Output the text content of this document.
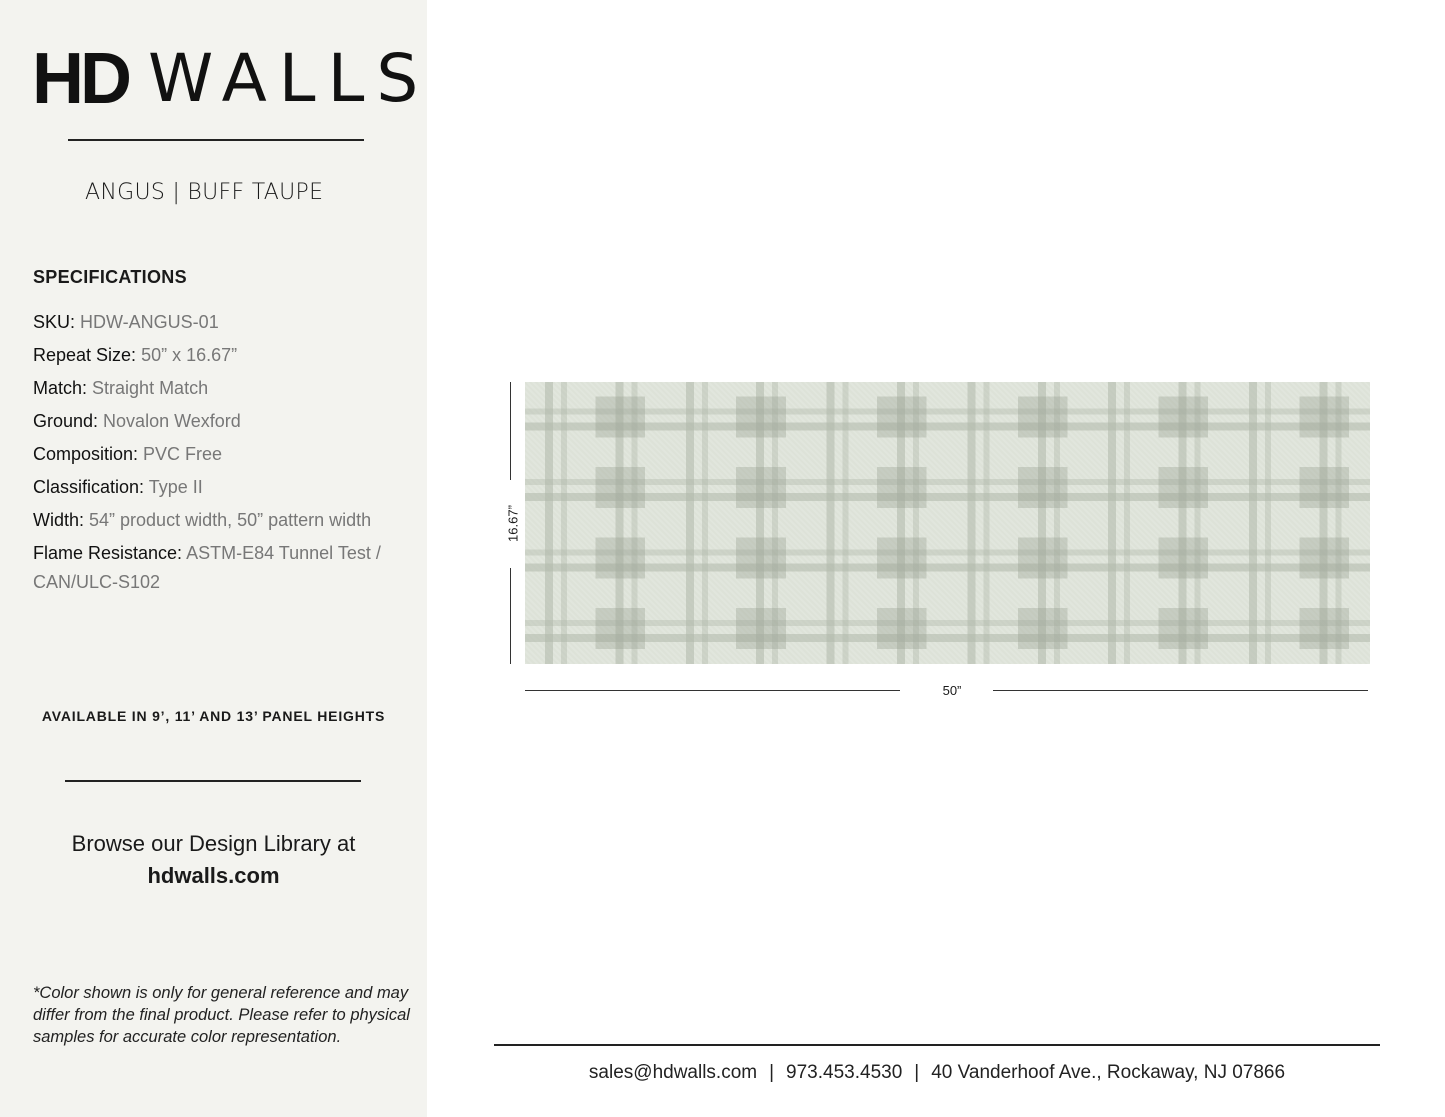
HD WALLS
ANGUS | BUFF TAUPE
SPECIFICATIONS
SKU: HDW-ANGUS-01
Repeat Size: 50” x 16.67”
Match: Straight Match
Ground: Novalon Wexford
Composition: PVC Free
Classification: Type II
Width: 54” product width, 50” pattern width
Flame Resistance: ASTM-E84 Tunnel Test / CAN/ULC-S102
AVAILABLE IN 9’, 11’ AND 13’ PANEL HEIGHTS
Browse our Design Library at
hdwalls.com
*Color shown is only for general reference and may differ from the final product. Please refer to physical samples for accurate color representation.
16.67”
50”
sales@hdwalls.com | 973.453.4530 | 40 Vanderhoof Ave., Rockaway, NJ 07866
